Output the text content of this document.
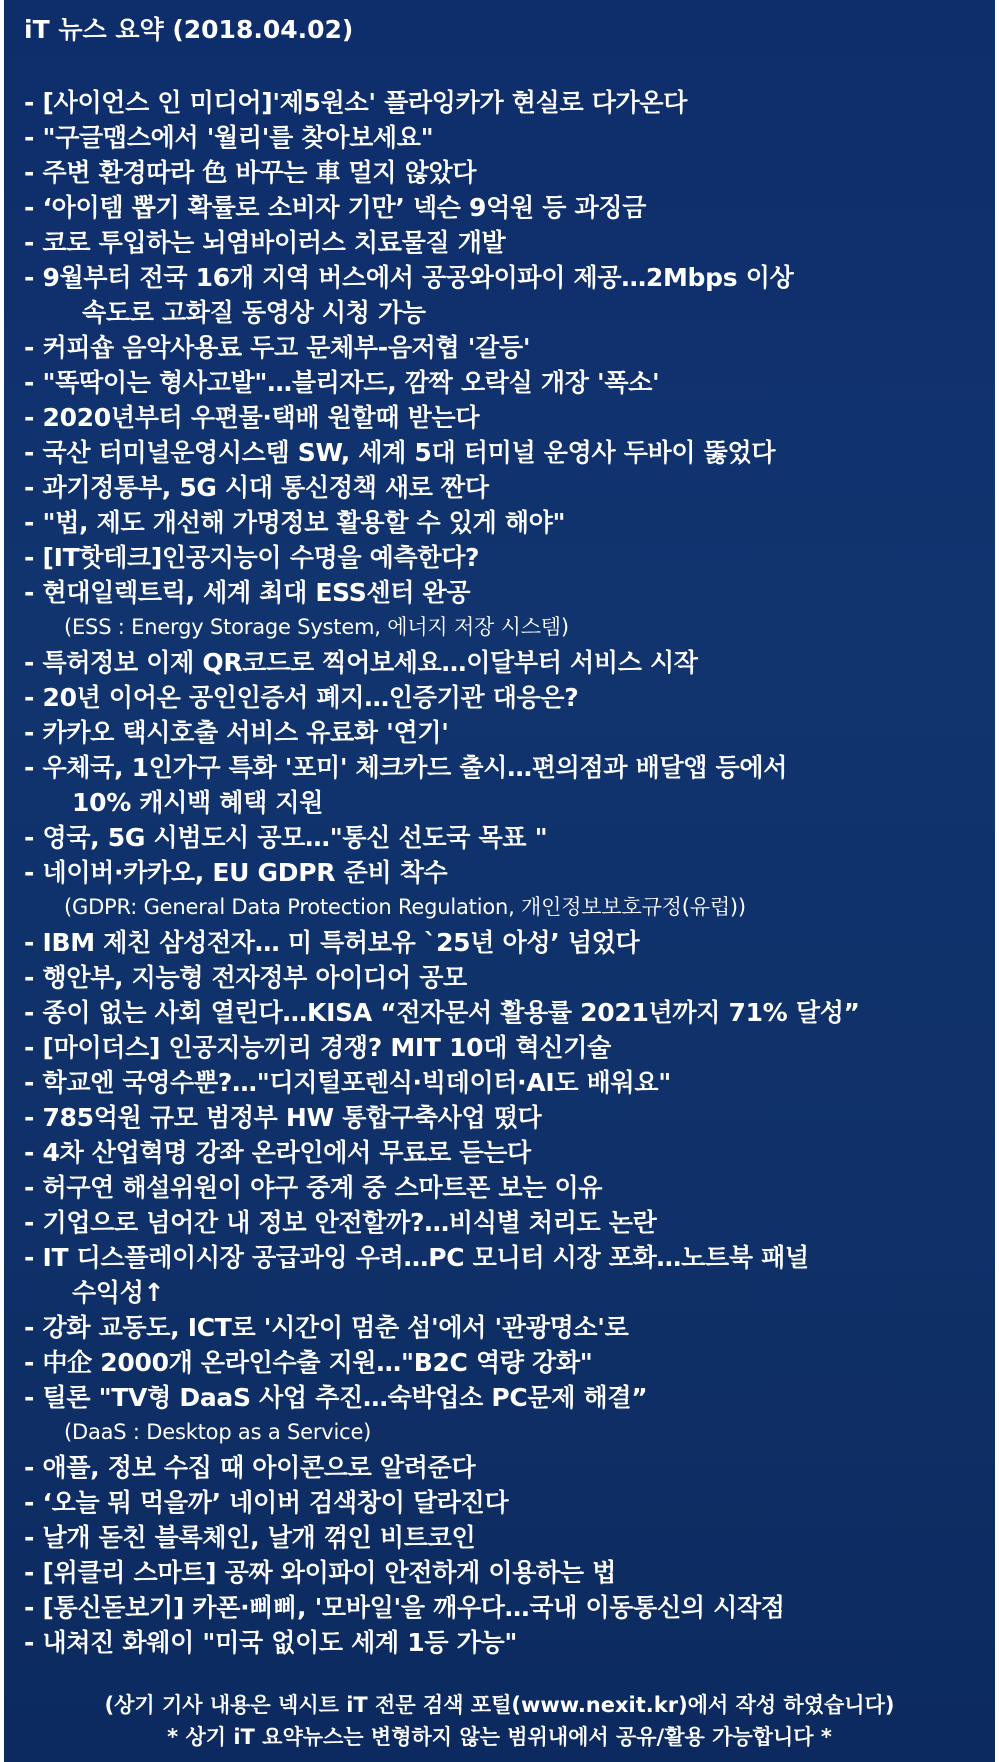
iT 뉴스 요약 (2018.04.02)
- [사이언스 인 미디어]'제5원소' 플라잉카가 현실로 다가온다
- "구글맵스에서 '월리'를 찾아보세요"
- 주변 환경따라 色 바꾸는 車 멀지 않았다
- ‘아이템 뽑기 확률로 소비자 기만’ 넥슨 9억원 등 과징금
- 코로 투입하는 뇌염바이러스 치료물질 개발
- 9월부터 전국 16개 지역 버스에서 공공와이파이 제공…2Mbps 이상
속도로 고화질 동영상 시청 가능
- 커피숍 음악사용료 두고 문체부-음저협 '갈등'
- "똑딱이는 형사고발"…블리자드, 깜짝 오락실 개장 '폭소'
- 2020년부터 우편물·택배 원할때 받는다
- 국산 터미널운영시스템 SW, 세계 5대 터미널 운영사 두바이 뚫었다
- 과기정통부, 5G 시대 통신정책 새로 짠다
- "법, 제도 개선해 가명정보 활용할 수 있게 해야"
- [IT핫테크]인공지능이 수명을 예측한다?
- 현대일렉트릭, 세계 최대 ESS센터 완공
(ESS : Energy Storage System, 에너지 저장 시스템)
- 특허정보 이제 QR코드로 찍어보세요…이달부터 서비스 시작
- 20년 이어온 공인인증서 폐지…인증기관 대응은?
- 카카오 택시호출 서비스 유료화 '연기'
- 우체국, 1인가구 특화 '포미' 체크카드 출시…편의점과 배달앱 등에서
10% 캐시백 혜택 지원
- 영국, 5G 시범도시 공모…"통신 선도국 목표 "
- 네이버·카카오, EU GDPR 준비 착수
(GDPR: General Data Protection Regulation, 개인정보보호규정(유럽))
- IBM 제친 삼성전자… 미 특허보유 `25년 아성’ 넘었다
- 행안부, 지능형 전자정부 아이디어 공모
- 종이 없는 사회 열린다…KISA “전자문서 활용률 2021년까지 71% 달성”
- [마이더스] 인공지능끼리 경쟁? MIT 10대 혁신기술
- 학교엔 국영수뿐?…"디지털포렌식·빅데이터·AI도 배워요"
- 785억원 규모 범정부 HW 통합구축사업 떴다
- 4차 산업혁명 강좌 온라인에서 무료로 듣는다
- 허구연 해설위원이 야구 중계 중 스마트폰 보는 이유
- 기업으로 넘어간 내 정보 안전할까?…비식별 처리도 논란
- IT 디스플레이시장 공급과잉 우려…PC 모니터 시장 포화…노트북 패널
수익성↑
- 강화 교동도, ICT로 '시간이 멈춘 섬'에서 '관광명소'로
- 中企 2000개 온라인수출 지원…"B2C 역량 강화"
- 틸론 "TV형 DaaS 사업 추진…숙박업소 PC문제 해결”
(DaaS : Desktop as a Service)
- 애플, 정보 수집 때 아이콘으로 알려준다
- ‘오늘 뭐 먹을까’ 네이버 검색창이 달라진다
- 날개 돋친 블록체인, 날개 꺾인 비트코인
- [위클리 스마트] 공짜 와이파이 안전하게 이용하는 법
- [통신돋보기] 카폰·삐삐, '모바일'을 깨우다…국내 이동통신의 시작점
- 내쳐진 화웨이 "미국 없이도 세계 1등 가능"
(상기 기사 내용은 넥시트 iT 전문 검색 포털(www.nexit.kr)에서 작성 하였습니다)
* 상기 iT 요약뉴스는 변형하지 않는 범위내에서 공유/활용 가능합니다 *
